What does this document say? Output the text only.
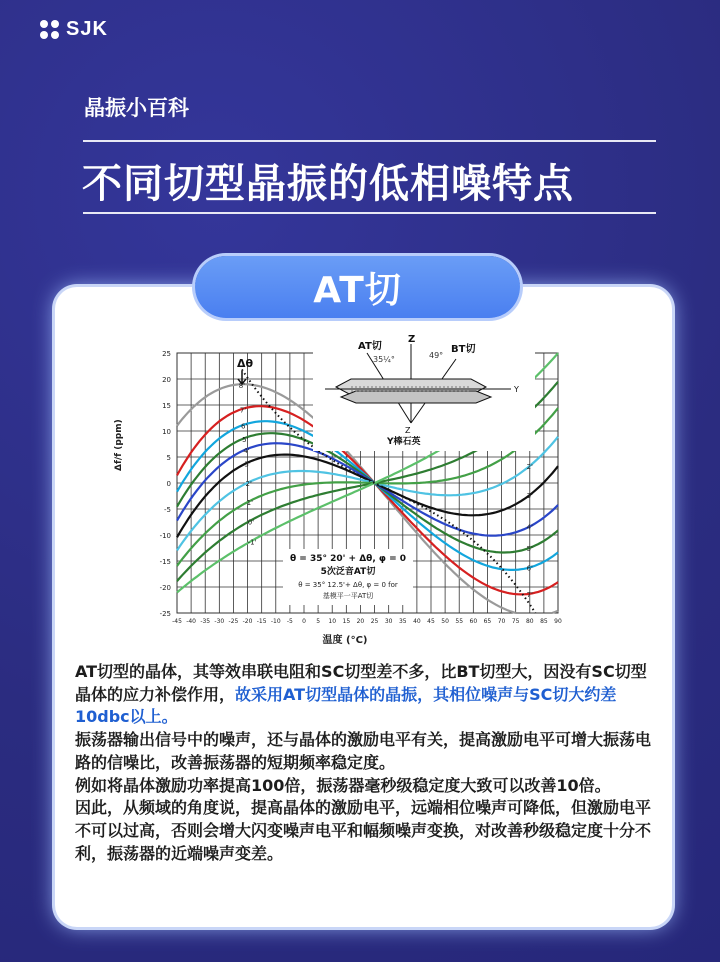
SJK
晶振小百科
不同切型晶振的低相噪特点
AT切
-45 -40 -35 -30 -25 -20 -15 -10 -5 0 5 10 15 20 25 30 35 40 45 50 55 60 65 70 75 80 85 90
25
20
15
10
5
0
-5
-10
-15
-20
-25
8'
7'
7'
6'
6'
5'
5'
4'
4'
3'
3'
2'
2'
1'
0'
-1'
Δf/f (ppm)
温度 (°C)
Δθ
Z
AT切	BT切
35¼°	49°
Y
Z
Y棒石英
θ = 35° 20' + Δθ, φ = 0
5次泛音AT切
θ = 35° 12.5'+ Δθ, φ = 0 for
基模平一平AT切

AT切型的晶体，其等效串联电阻和SC切型差不多，比BT切型大，因没有SC切型晶体的应力补偿作用，故采用AT切型晶体的晶振，其相位噪声与SC切大约差10dbc以上。

振荡器输出信号中的噪声，还与晶体的激励电平有关，提高激励电平可增大振荡电路的信噪比，改善振荡器的短期频率稳定度。

例如将晶体激励功率提高100倍，振荡器毫秒级稳定度大致可以改善10倍。

因此，从频域的角度说，提高晶体的激励电平，远端相位噪声可降低，但激励电平不可以过高，否则会增大闪变噪声电平和幅频噪声变换，对改善秒级稳定度十分不利，振荡器的近端噪声变差。
